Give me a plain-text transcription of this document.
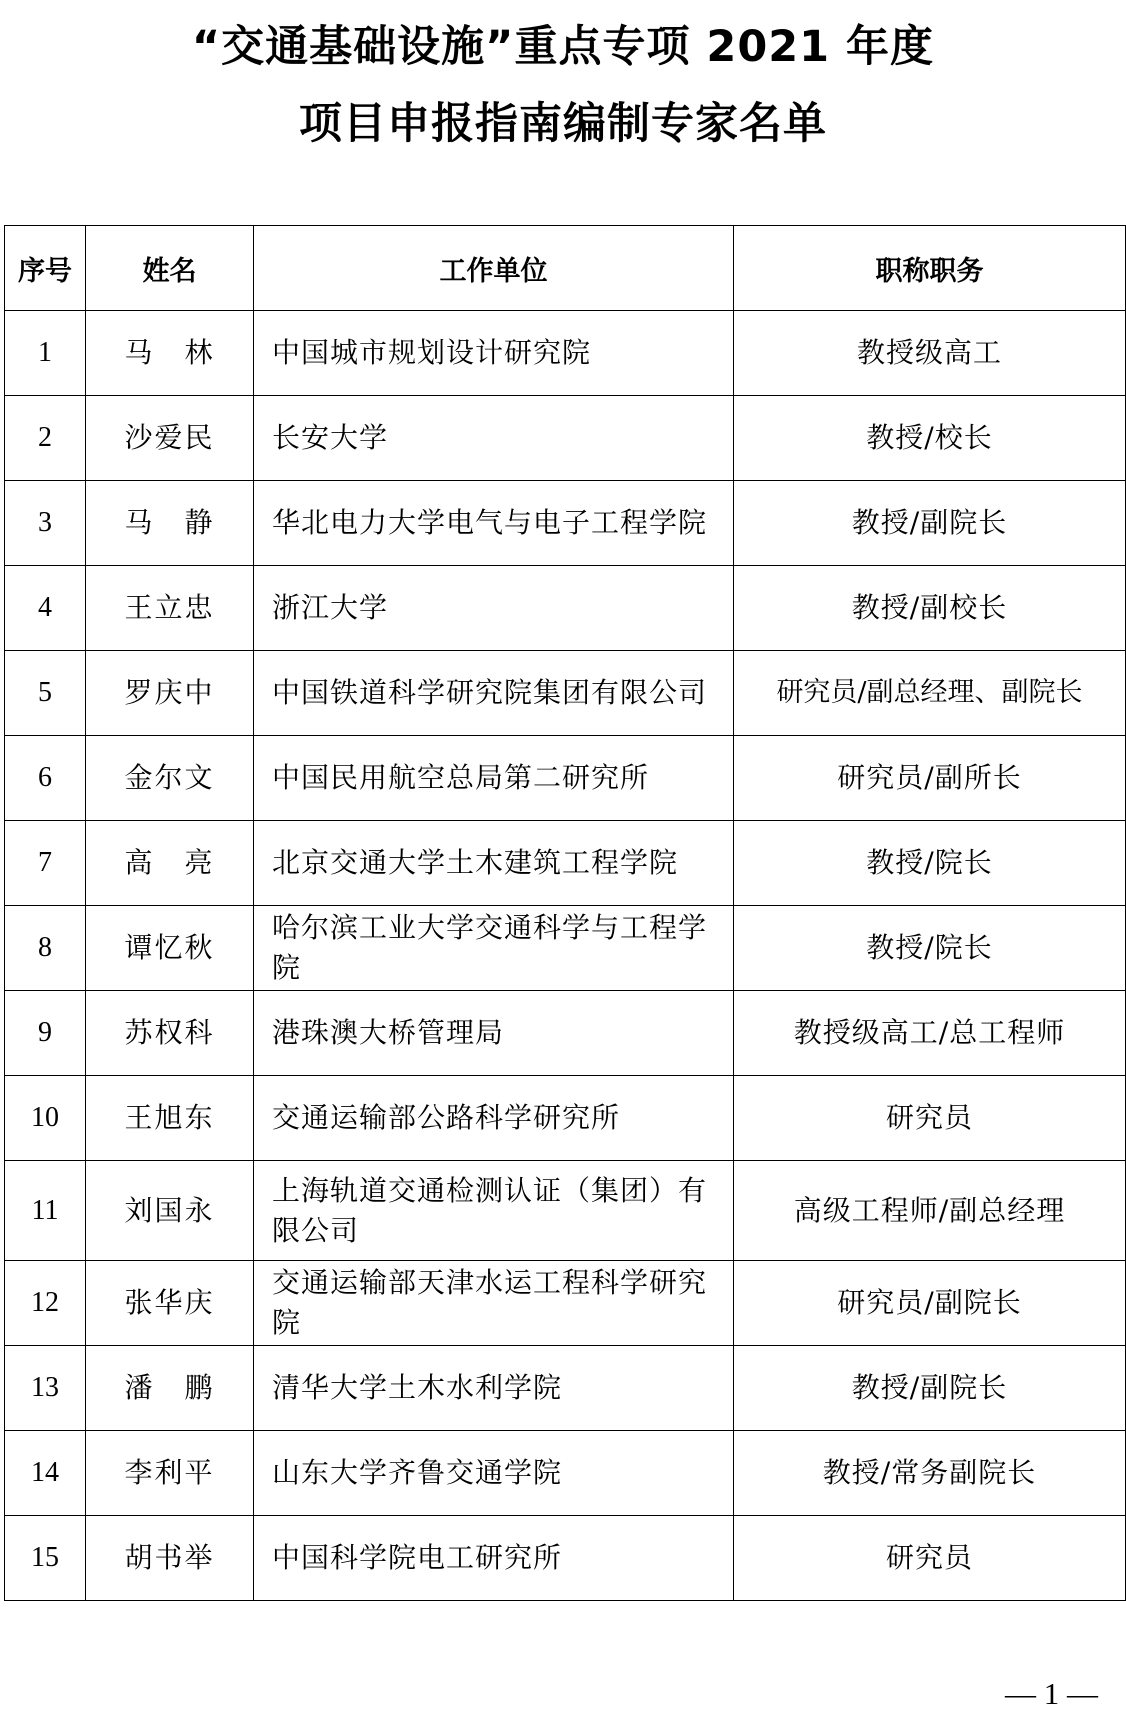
“交通基础设施”重点专项 2021 年度
项目申报指南编制专家名单
序号	姓名	工作单位	职称职务
1	马　林	中国城市规划设计研究院	教授级高工
2	沙爱民	长安大学	教授/校长
3	马　静	华北电力大学电气与电子工程学院	教授/副院长
4	王立忠	浙江大学	教授/副校长
5	罗庆中	中国铁道科学研究院集团有限公司	研究员/副总经理、副院长
6	金尔文	中国民用航空总局第二研究所	研究员/副所长
7	高　亮	北京交通大学土木建筑工程学院	教授/院长
8	谭忆秋	哈尔滨工业大学交通科学与工程学院	教授/院长
9	苏权科	港珠澳大桥管理局	教授级高工/总工程师
10	王旭东	交通运输部公路科学研究所	研究员
11	刘国永	上海轨道交通检测认证（集团）有限公司	高级工程师/副总经理
12	张华庆	交通运输部天津水运工程科学研究院	研究员/副院长
13	潘　鹏	清华大学土木水利学院	教授/副院长
14	李利平	山东大学齐鲁交通学院	教授/常务副院长
15	胡书举	中国科学院电工研究所	研究员
— 1 —
